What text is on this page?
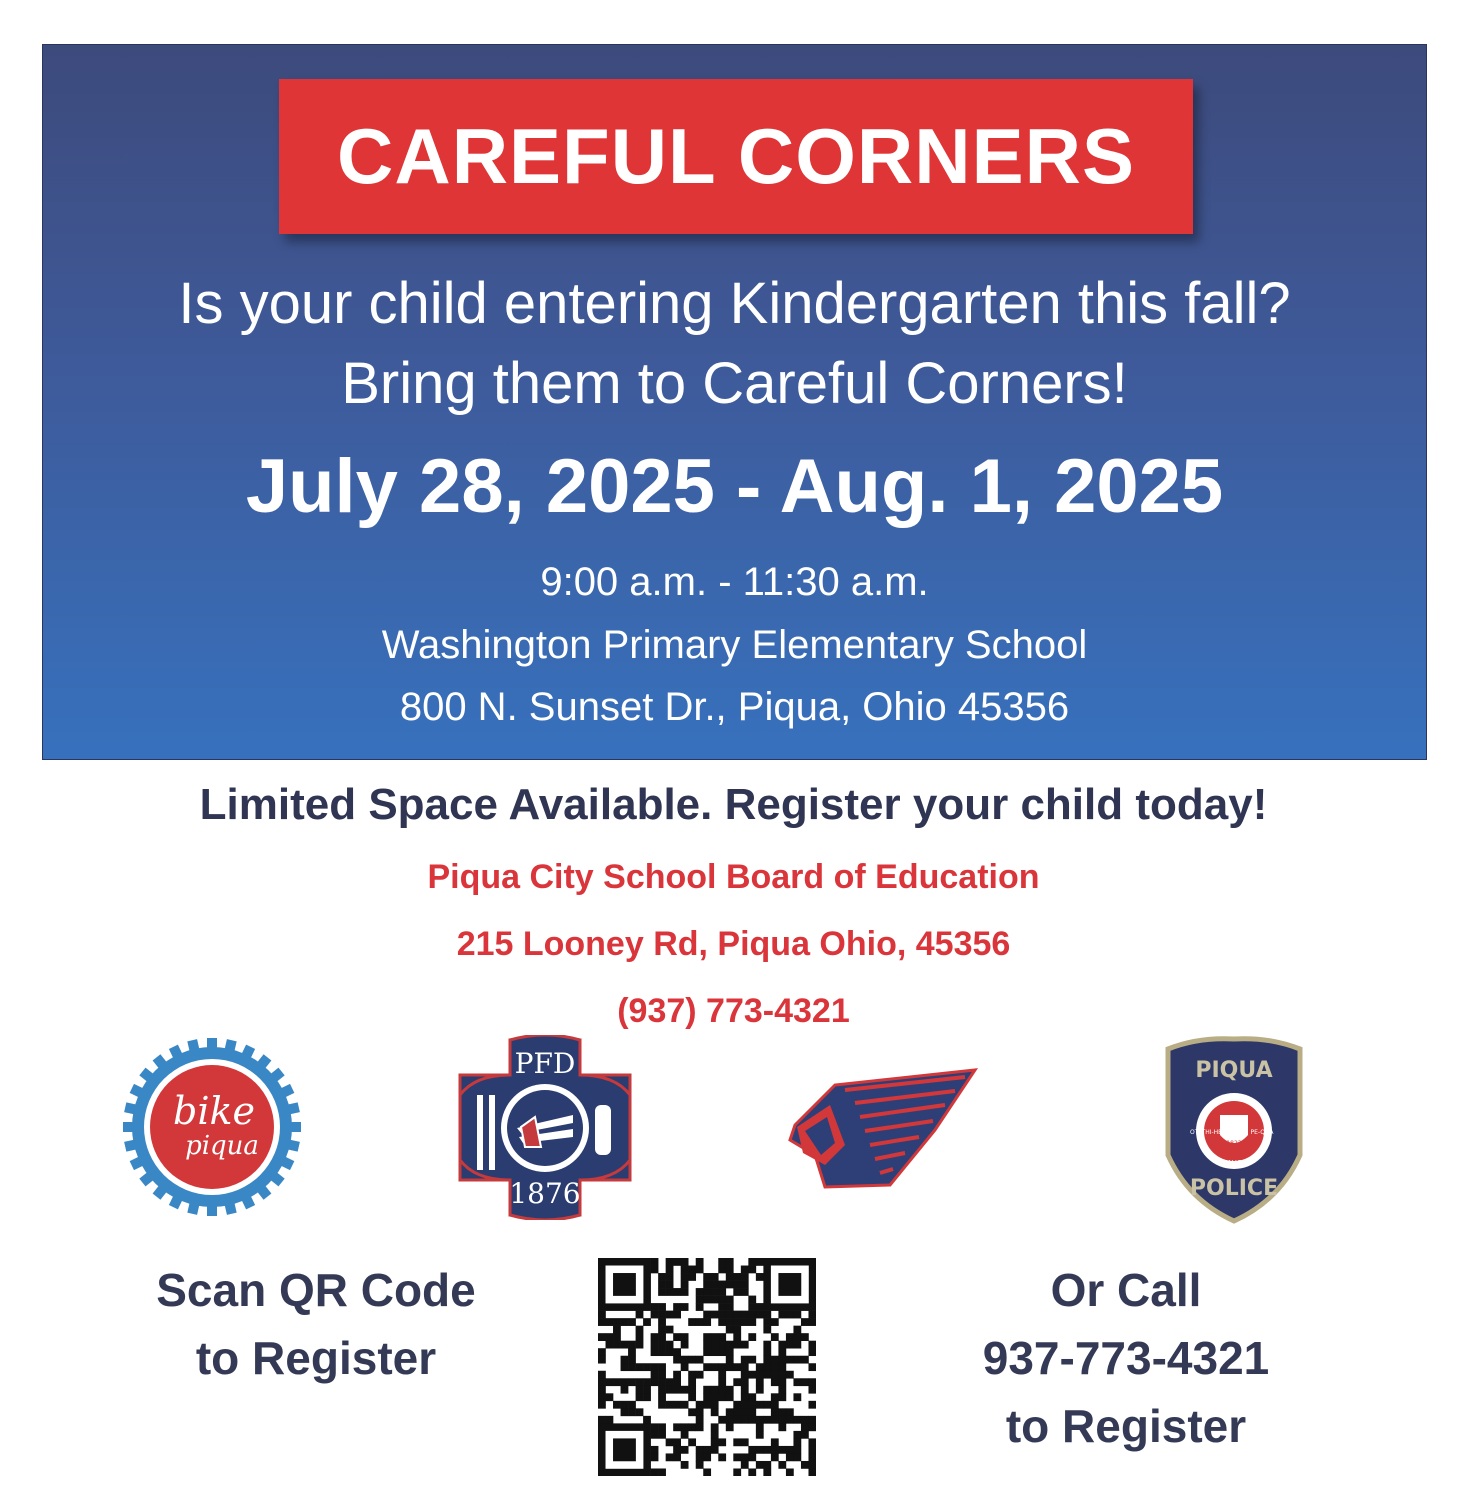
CAREFUL CORNERS
Is your child entering Kindergarten this fall?
Bring them to Careful Corners!
July 28, 2025 - Aug. 1, 2025
9:00 a.m. - 11:30 a.m.
Washington Primary Elementary School
800 N. Sunset Dr., Piqua, Ohio 45356
Limited Space Available. Register your child today!
Piqua City School Board of Education
215 Looney Rd, Piqua Ohio, 45356
(937) 773-4321
bike
piqua
PFD
1876
PIQUA
POLICE
OTATHI-HE
WAUGH
PE-QUA
1823
Scan QR Code
to Register
Or Call
937-773-4321
to Register
